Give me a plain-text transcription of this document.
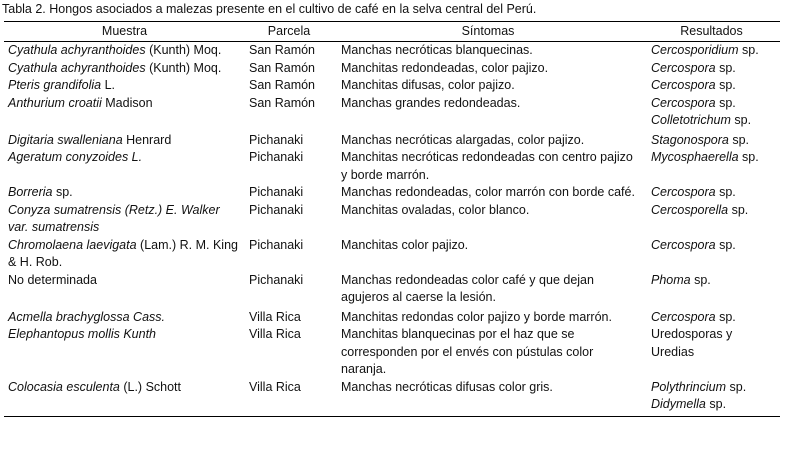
Tabla 2. Hongos asociados a malezas presente en el cultivo de café en la selva central del Perú.
Muestra	Parcela	Síntomas	Resultados
Cyathula achyranthoides (Kunth) Moq.	San Ramón	Manchas necróticas blanquecinas.	Cercosporidium sp.

Cyathula achyranthoides (Kunth) Moq.	San Ramón	Manchitas redondeadas, color pajizo.	Cercospora sp.

Pteris grandifolia L.	San Ramón	Manchitas difusas, color pajizo.	Cercospora sp.

Anthurium croatii Madison	San Ramón	Manchas grandes redondeadas.	Cercospora sp.
Colletotrichum sp.

Digitaria swalleniana Henrard	Pichanaki	Manchas necróticas alargadas, color pajizo.	Stagonospora sp.

Ageratum conyzoides L.	Pichanaki	Manchitas necróticas redondeadas con centro pajizo y borde marrón.	Mycosphaerella sp.

Borreria sp.	Pichanaki	Manchas redondeadas, color marrón con borde café.	Cercospora sp.

Conyza sumatrensis (Retz.) E. Walker var. sumatrensis	Pichanaki	Manchitas ovaladas, color blanco.	Cercosporella sp.

Chromolaena laevigata (Lam.) R. M. King & H. Rob.	Pichanaki	Manchitas color pajizo.	Cercospora sp.

No determinada	Pichanaki	Manchas redondeadas color café y que dejan agujeros al caerse la lesión.	Phoma sp.

Acmella brachyglossa Cass.	Villa Rica	Manchitas redondas color pajizo y borde marrón.	Cercospora sp.

Elephantopus mollis Kunth	Villa Rica	Manchitas blanquecinas por el haz que se corresponden por el envés con pústulas color naranja.	Uredosporas y Uredias

Colocasia esculenta (L.) Schott	Villa Rica	Manchas necróticas difusas color gris.	Polythrincium sp.
Didymella sp.
